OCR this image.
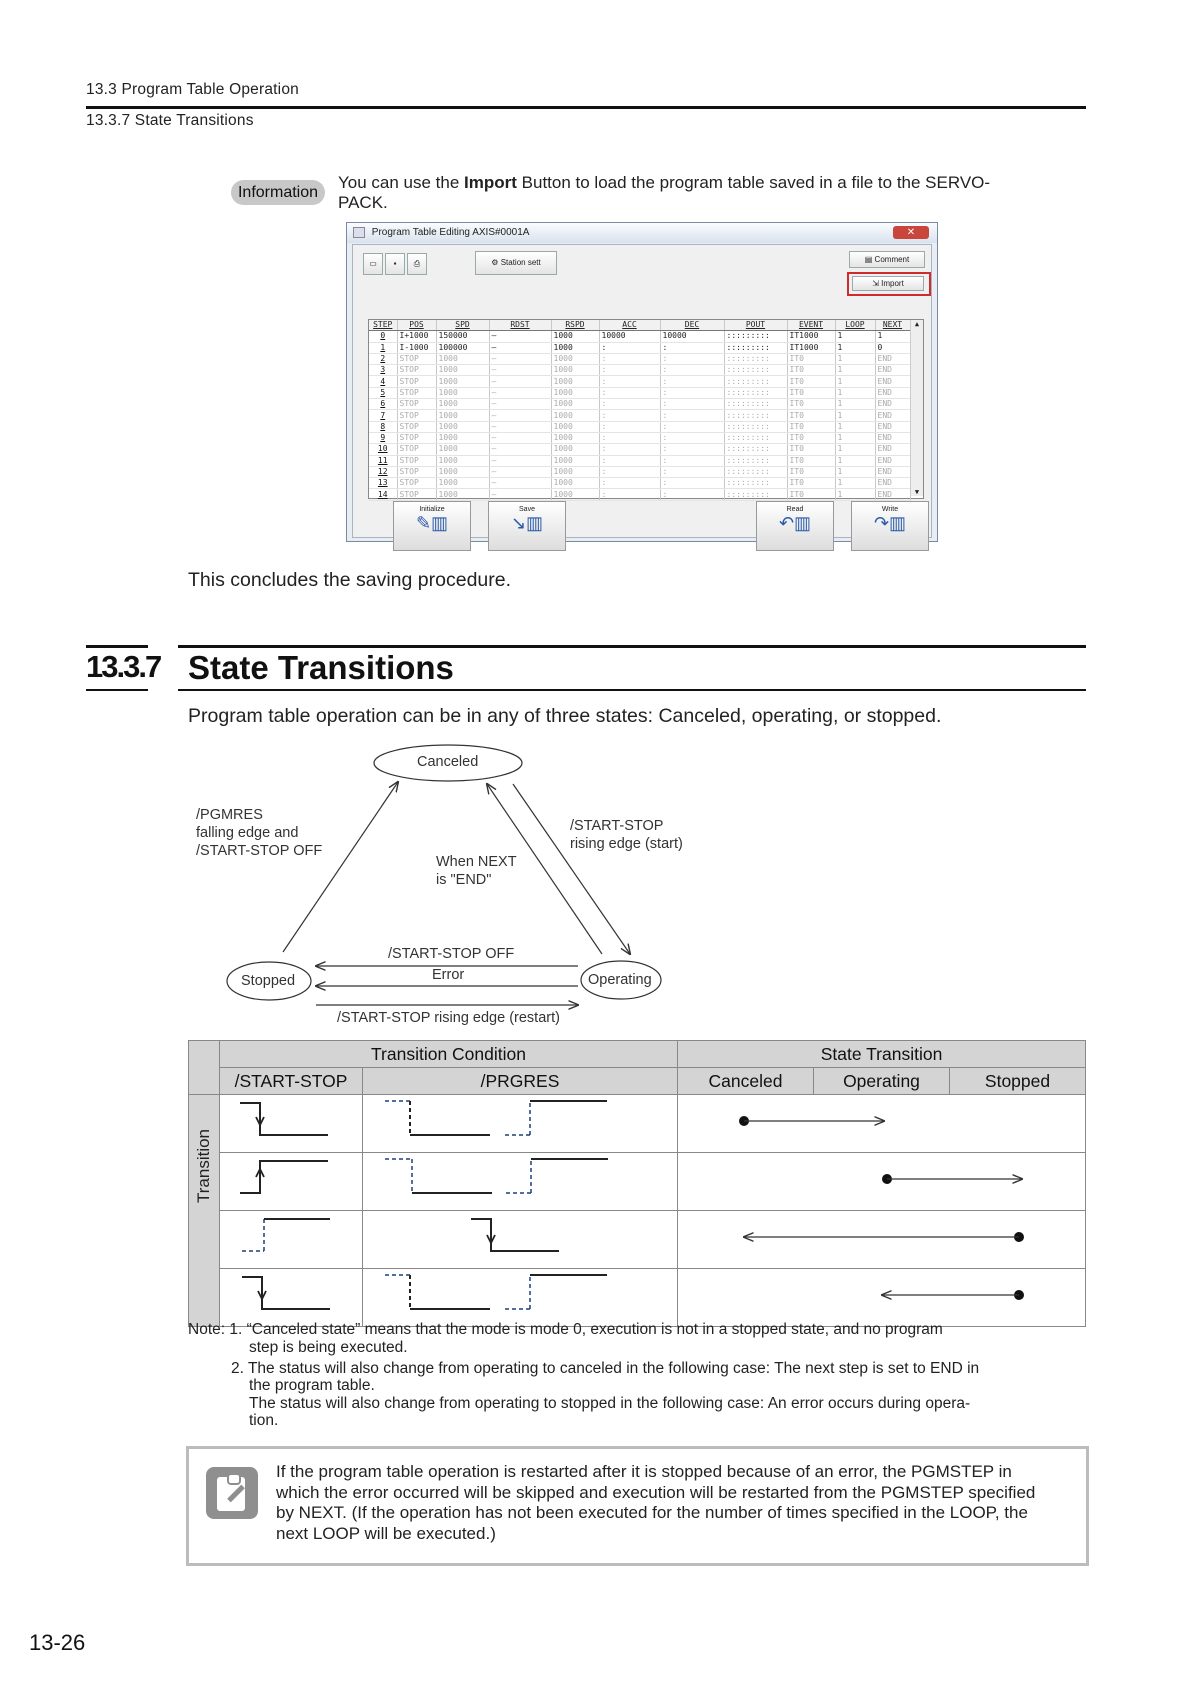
13.3 Program Table Operation
13.3.7 State Transitions
Information
You can use the Import Button to load the program table saved in a file to the SERVO-
PACK.
Program Table Editing AXIS#0001A	✕
▭	▪	⎙	⚙ Station sett	▤ Comment
⇲ Import
STEP	POS	SPD	RDST	RSPD	ACC	DEC	POUT	EVENT	LOOP	NEXT
0	I+1000	150000	–	1000	10000	10000	:::::::::	IT1000	1	1
1	I-1000	100000	–	1000	:	:	:::::::::	IT1000	1	0
2	STOP	1000	–	1000	:	:	:::::::::	IT0	1	END
3	STOP	1000	–	1000	:	:	:::::::::	IT0	1	END
4	STOP	1000	–	1000	:	:	:::::::::	IT0	1	END
5	STOP	1000	–	1000	:	:	:::::::::	IT0	1	END
6	STOP	1000	–	1000	:	:	:::::::::	IT0	1	END
7	STOP	1000	–	1000	:	:	:::::::::	IT0	1	END
8	STOP	1000	–	1000	:	:	:::::::::	IT0	1	END
9	STOP	1000	–	1000	:	:	:::::::::	IT0	1	END
10	STOP	1000	–	1000	:	:	:::::::::	IT0	1	END
11	STOP	1000	–	1000	:	:	:::::::::	IT0	1	END
12	STOP	1000	–	1000	:	:	:::::::::	IT0	1	END
13	STOP	1000	–	1000	:	:	:::::::::	IT0	1	END
14	STOP	1000	–	1000	:	:	:::::::::	IT0	1	END
▲
▼
Initialize
✎▥
Save
↘▥
Read
↶▥
Write
↷▥
This concludes the saving procedure.
13.3.7 State Transitions
Program table operation can be in any of three states: Canceled, operating, or stopped.
Canceled
Stopped	Operating
/PGMRES
falling edge and
/START-STOP OFF
/START-STOP
rising edge (start)
When NEXT
is "END"
/START-STOP OFF
Error
/START-STOP rising edge (restart)
	Transition Condition		State Transition		
	/START-STOP	/PRGRES	Canceled	Operating	Stopped

Transition

Note: 1. “Canceled state” means that the mode is mode 0, execution is not in a stopped state, and no program
step is being executed.
2. The status will also change from operating to canceled in the following case: The next step is set to END in
the program table.
The status will also change from operating to stopped in the following case: An error occurs during opera-
tion.
If the program table operation is restarted after it is stopped because of an error, the PGMSTEP in
which the error occurred will be skipped and execution will be restarted from the PGMSTEP specified
by NEXT. (If the operation has not been executed for the number of times specified in the LOOP, the
next LOOP will be executed.)
13-26
